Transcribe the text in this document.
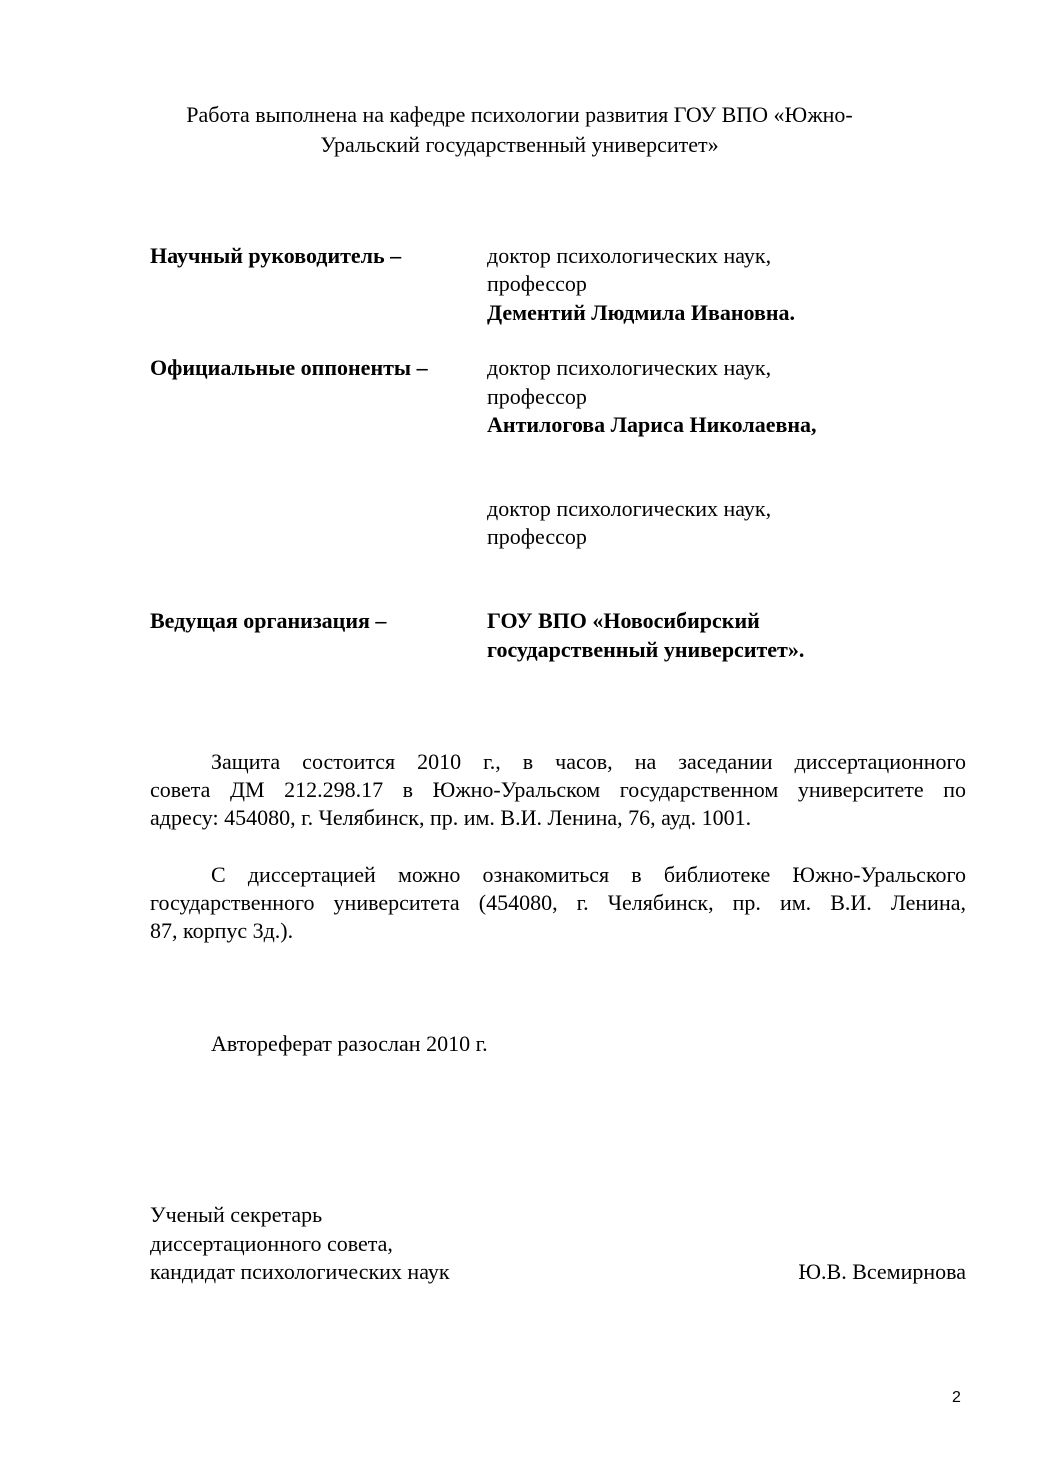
Работа выполнена на кафедре психологии развития ГОУ ВПО «Южно-
Уральский государственный университет»
Научный руководитель –	доктор психологических наук,
профессор
Дементий Людмила Ивановна.
Официальные оппоненты –	доктор психологических наук,
профессор
Антилогова Лариса Николаевна,
доктор психологических наук,
профессор
Ведущая организация –	ГОУ ВПО «Новосибирский
государственный университет».
Защита состоится 2010 г., в часов, на заседании диссертационного
совета ДМ 212.298.17 в Южно-Уральском государственном университете по
адресу: 454080, г. Челябинск, пр. им. В.И. Ленина, 76, ауд. 1001.
С диссертацией можно ознакомиться в библиотеке Южно-Уральского
государственного университета (454080, г. Челябинск, пр. им. В.И. Ленина,
87, корпус 3д.).
Автореферат разослан 2010 г.
Ученый секретарь
диссертационного совета,
кандидат психологических наук	Ю.В. Всемирнова
2
